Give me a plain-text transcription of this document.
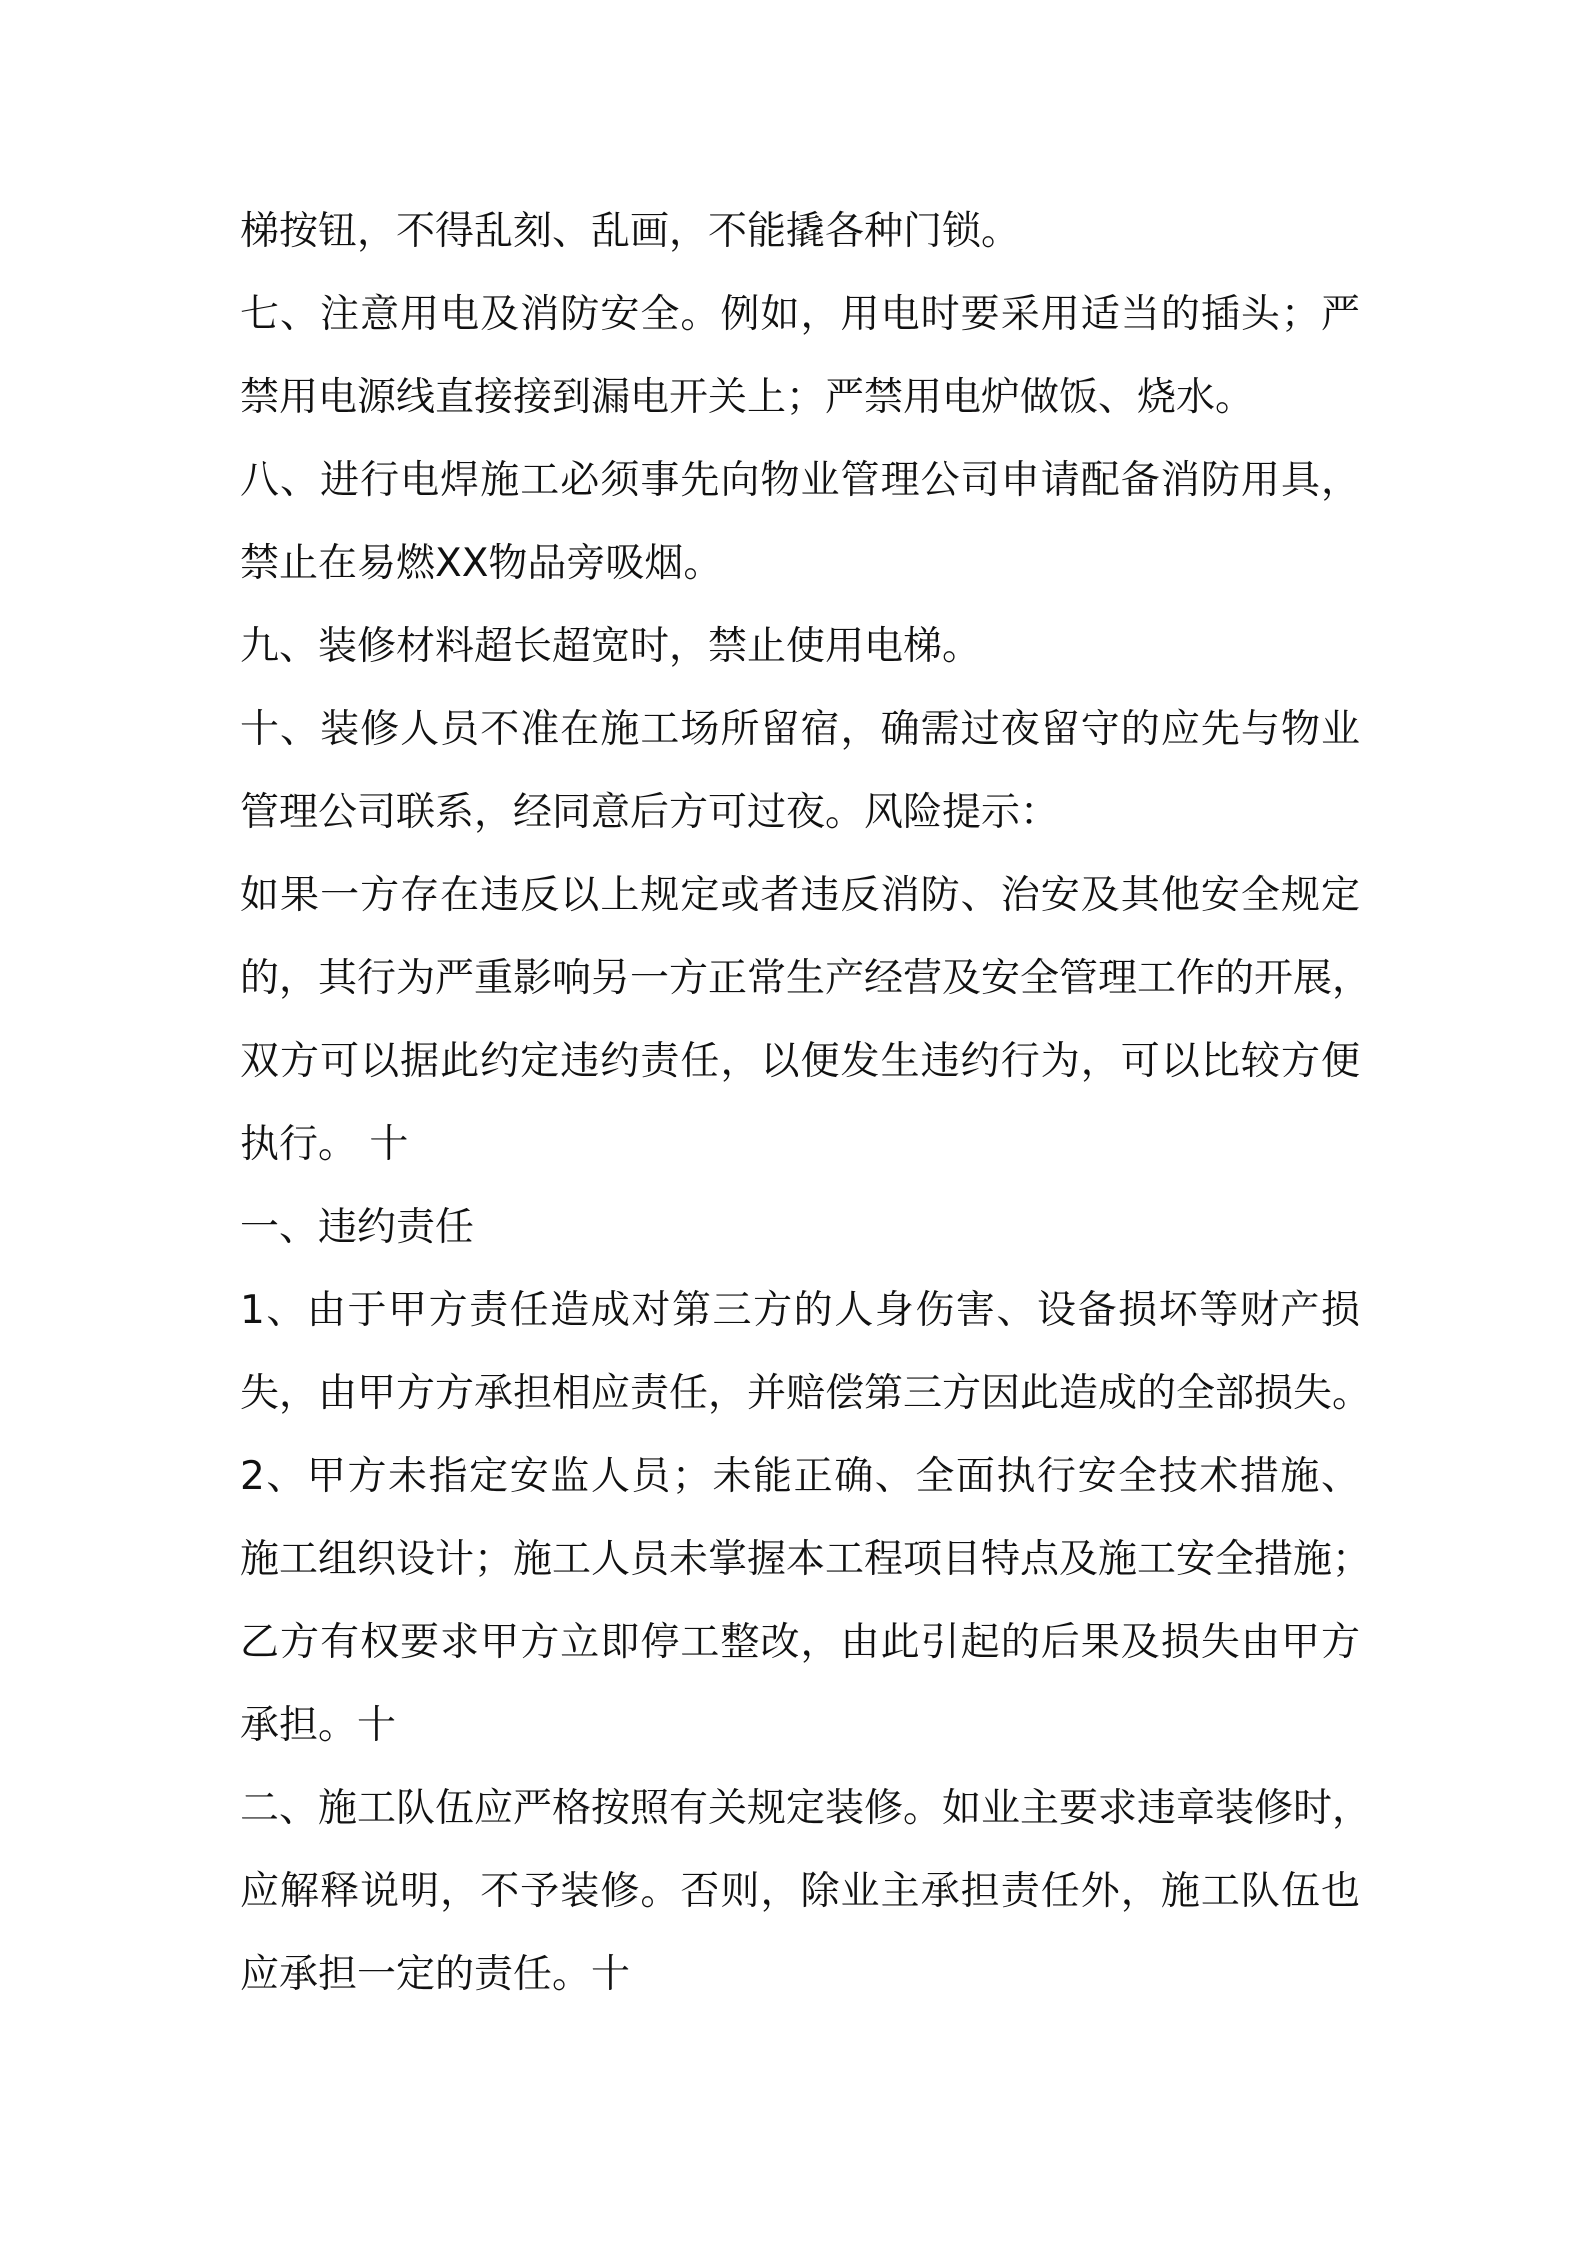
梯按钮，不得乱刻、乱画，不能撬各种门锁。
七、注意用电及消防安全。例如，用电时要采用适当的插头；严
禁用电源线直接接到漏电开关上；严禁用电炉做饭、烧水。
八、进行电焊施工必须事先向物业管理公司申请配备消防用具，
禁止在易燃XX物品旁吸烟。
九、装修材料超长超宽时，禁止使用电梯。
十、装修人员不准在施工场所留宿，确需过夜留守的应先与物业
管理公司联系，经同意后方可过夜。风险提示：
如果一方存在违反以上规定或者违反消防、治安及其他安全规定
的，其行为严重影响另一方正常生产经营及安全管理工作的开展，
双方可以据此约定违约责任，以便发生违约行为，可以比较方便
执行。 十
一、违约责任
1、由于甲方责任造成对第三方的人身伤害、设备损坏等财产损
失，由甲方方承担相应责任，并赔偿第三方因此造成的全部损失。
2、甲方未指定安监人员；未能正确、全面执行安全技术措施、
施工组织设计；施工人员未掌握本工程项目特点及施工安全措施；
乙方有权要求甲方立即停工整改，由此引起的后果及损失由甲方
承担。十
二、施工队伍应严格按照有关规定装修。如业主要求违章装修时，
应解释说明，不予装修。否则，除业主承担责任外，施工队伍也
应承担一定的责任。十
